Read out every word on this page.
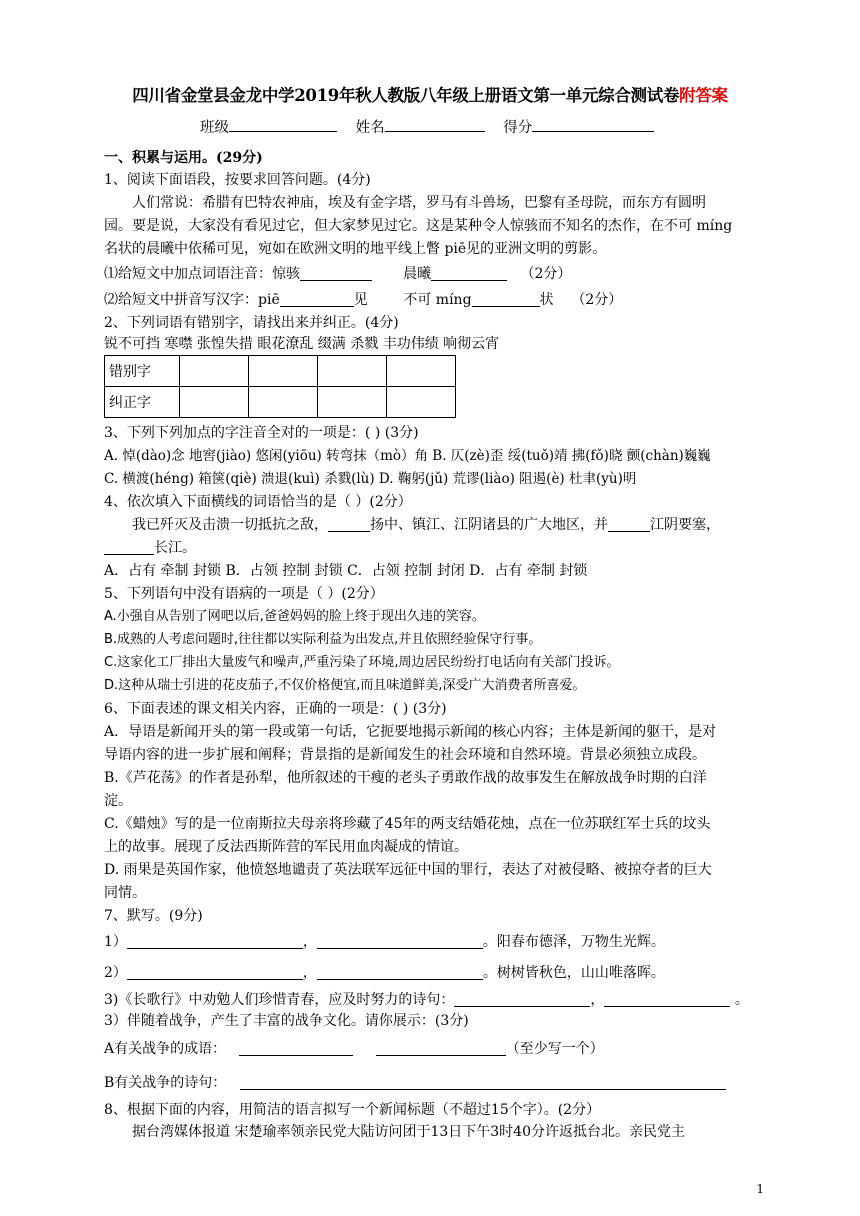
四川省金堂县金龙中学2019年秋人教版八年级上册语文第一单元综合测试卷附答案
班级	姓名	得分
一、积累与运用。(29分)
1、阅读下面语段，按要求回答问题。(4分)
人们常说：希腊有巴特农神庙，埃及有金字塔，罗马有斗兽场，巴黎有圣母院，而东方有圆明
园。要是说，大家没有看见过它，但大家梦见过它。这是某种令人惊骇而不知名的杰作，在不可 míng
名状的晨曦中依稀可见，宛如在欧洲文明的地平线上瞥 piē见的亚洲文明的剪影。
⑴给短文中加点词语注音：惊骇	晨曦	（2分）
⑵给短文中拼音写汉字：piē	见	不可 míng	状 （2分）
2、下列词语有错别字，请找出来并纠正。(4分)
锐不可挡 寒噤 张惶失措 眼花潦乱 缀满 杀戮 丰功伟绩 响彻云宵
错别字				
纠正字				
3、下列下列加点的字注音全对的一项是：( ) (3分)
A. 悼(dào)念 地窖(jiào) 悠闲(yiōu) 转弯抹（mò）角 B. 仄(zè)歪 绥(tuǒ)靖 拂(fǒ)晓 颤(chàn)巍巍
C. 横渡(héng) 箱箧(qiè) 溃退(kuì) 杀戮(lù) D. 鞠躬(jǔ) 荒谬(liào) 阻遏(è) 杜聿(yù)明
4、依次填入下面横线的词语恰当的是（ ）(2分）
我已歼灭及击溃一切抵抗之敌，	扬中、镇江、江阴诸县的广大地区，并	江阴要塞，
长江。
A．占有 牵制 封锁 B．占领 控制 封锁 C．占领 控制 封闭 D．占有 牵制 封锁
5、下列语句中没有语病的一项是（ ）(2分）
A.小强自从告别了网吧以后,爸爸妈妈的脸上终于现出久违的笑容。
B.成熟的人考虑问题时,往往都以实际利益为出发点,并且依照经验保守行事。
C.这家化工厂排出大量废气和噪声,严重污染了环境,周边居民纷纷打电话向有关部门投诉。
D.这种从瑞士引进的花皮茄子,不仅价格便宜,而且味道鲜美,深受广大消费者所喜爱。
6、下面表述的课文相关内容，正确的一项是：( ) (3分)
A．导语是新闻开头的第一段或第一句话，它扼要地揭示新闻的核心内容；主体是新闻的躯干，是对
导语内容的进一步扩展和阐释；背景指的是新闻发生的社会环境和自然环境。背景必须独立成段。
B.《芦花荡》的作者是孙犁，他所叙述的干瘦的老头子勇敢作战的故事发生在解放战争时期的白洋
淀。
C.《蜡烛》写的是一位南斯拉夫母亲将珍藏了45年的两支结婚花烛，点在一位苏联红军士兵的坟头
上的故事。展现了反法西斯阵营的军民用血肉凝成的情谊。
D. 雨果是英国作家，他愤怒地谴责了英法联军远征中国的罪行，表达了对被侵略、被掠夺者的巨大
同情。
7、默写。(9分)
1）	，	。阳春布德泽，万物生光辉。
2）	，	。树树皆秋色，山山唯落晖。
3)《长歌行》中劝勉人们珍惜青春，应及时努力的诗句：	，	。
3）伴随着战争，产生了丰富的战争文化。请你展示：(3分)
A有关战争的成语：	（至少写一个）
B有关战争的诗句：
8、根据下面的内容，用简洁的语言拟写一个新闻标题（不超过15个字）。(2分）
据台湾媒体报道 宋楚瑜率领亲民党大陆访问团于13日下午3时40分许返抵台北。亲民党主
1
